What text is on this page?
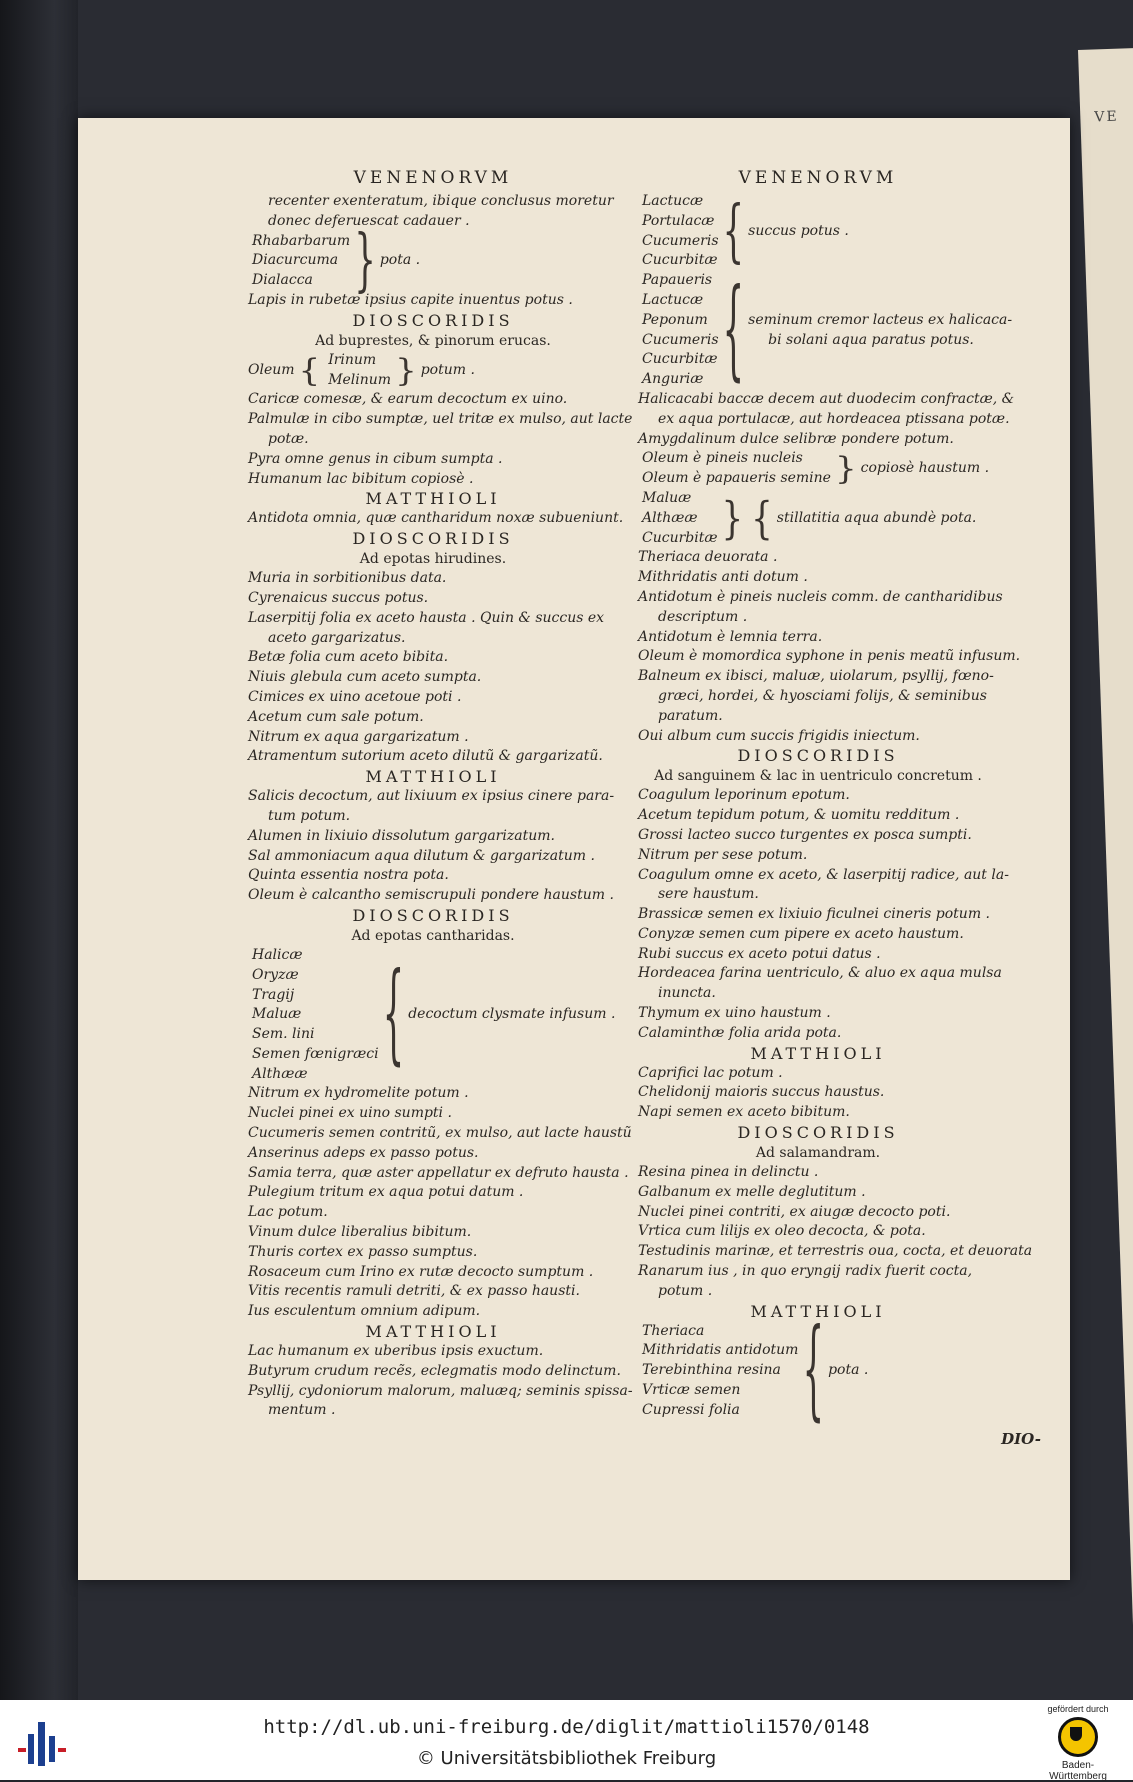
VE
VENENORVM
recenter exenteratum, ibique conclusus moretur
donec deferuescat cadauer .
Rhabarbarum
Diacurcuma
Dialacca	} pota .
Lapis in rubetæ ipsius capite inuentus potus .
DIOSCORIDIS
Ad buprestes, & pinorum erucas.
Oleum { Irinum
Melinum } potum .
Caricæ comesæ, & earum decoctum ex uino.
Palmulæ in cibo sumptæ, uel tritæ ex mulso, aut lacte
potæ.
Pyra omne genus in cibum sumpta .
Humanum lac bibitum copiosè .
MATTHIOLI
Antidota omnia, quæ cantharidum noxæ subueniunt.
DIOSCORIDIS
Ad epotas hirudines.
Muria in sorbitionibus data.
Cyrenaicus succus potus.
Laserpitij folia ex aceto hausta . Quin & succus ex
aceto gargarizatus.
Betæ folia cum aceto bibita.
Niuis glebula cum aceto sumpta.
Cimices ex uino acetoue poti .
Acetum cum sale potum.
Nitrum ex aqua gargarizatum .
Atramentum sutorium aceto dilutũ & gargarizatũ.
MATTHIOLI
Salicis decoctum, aut lixiuum ex ipsius cinere para-
tum potum.
Alumen in lixiuio dissolutum gargarizatum.
Sal ammoniacum aqua dilutum & gargarizatum .
Quinta essentia nostra pota.
Oleum è calcantho semiscrupuli pondere haustum .
DIOSCORIDIS
Ad epotas cantharidas.
Halicæ
Oryzæ
Tragij
Maluæ
Sem. lini
Semen fœnigræci
Althææ	{ decoctum clysmate infusum .
Nitrum ex hydromelite potum .
Nuclei pinei ex uino sumpti .
Cucumeris semen contritũ, ex mulso, aut lacte haustũ
Anserinus adeps ex passo potus.
Samia terra, quæ aster appellatur ex defruto hausta .
Pulegium tritum ex aqua potui datum .
Lac potum.
Vinum dulce liberalius bibitum.
Thuris cortex ex passo sumptus.
Rosaceum cum Irino ex rutæ decocto sumptum .
Vitis recentis ramuli detriti, & ex passo hausti.
Ius esculentum omnium adipum.
MATTHIOLI
Lac humanum ex uberibus ipsis exuctum.
Butyrum crudum recẽs, eclegmatis modo delinctum.
Psyllij, cydoniorum malorum, maluæq; seminis spissa-
mentum .
VENENORVM
Lactucæ
Portulacæ
Cucumeris
Cucurbitæ { succus potus .
Papaueris
Lactucæ
Peponum
Cucumeris
Cucurbitæ
Anguriæ { seminum cremor lacteus ex halicaca-
bi solani aqua paratus potus.
Halicacabi baccæ decem aut duodecim confractæ, &
ex aqua portulacæ, aut hordeacea ptissana potæ.
Amygdalinum dulce selibræ pondere potum.
Oleum è pineis nucleis
Oleum è papaueris semine } copiosè haustum .
Maluæ
Althææ
Cucurbitæ } { stillatitia aqua abundè pota.
Theriaca deuorata .
Mithridatis anti dotum .
Antidotum è pineis nucleis comm. de cantharidibus
descriptum .
Antidotum è lemnia terra.
Oleum è momordica syphone in penis meatũ infusum.
Balneum ex ibisci, maluæ, uiolarum, psyllij, fœno-
græci, hordei, & hyosciami folijs, & seminibus
paratum.
Oui album cum succis frigidis iniectum.
DIOSCORIDIS
Ad sanguinem & lac in uentriculo concretum .
Coagulum leporinum epotum.
Acetum tepidum potum, & uomitu redditum .
Grossi lacteo succo turgentes ex posca sumpti.
Nitrum per sese potum.
Coagulum omne ex aceto, & laserpitij radice, aut la-
sere haustum.
Brassicæ semen ex lixiuio ficulnei cineris potum .
Conyzæ semen cum pipere ex aceto haustum.
Rubi succus ex aceto potui datus .
Hordeacea farina uentriculo, & aluo ex aqua mulsa
inuncta.
Thymum ex uino haustum .
Calaminthæ folia arida pota.
MATTHIOLI
Caprifici lac potum .
Chelidonij maioris succus haustus.
Napi semen ex aceto bibitum.
DIOSCORIDIS
Ad salamandram.
Resina pinea in delinctu .
Galbanum ex melle deglutitum .
Nuclei pinei contriti, ex aiugæ decocto poti.
Vrtica cum lilijs ex oleo decocta, & pota.
Testudinis marinæ, et terrestris oua, cocta, et deuorata
Ranarum ius , in quo eryngij radix fuerit cocta,
potum .
MATTHIOLI
Theriaca
Mithridatis antidotum
Terebinthina resina
Vrticæ semen
Cupressi folia	{ pota .
DIO-
http://dl.ub.uni-freiburg.de/diglit/mattioli1570/0148
© Universitätsbibliothek Freiburg
gefördert durch
Baden-Württemberg
